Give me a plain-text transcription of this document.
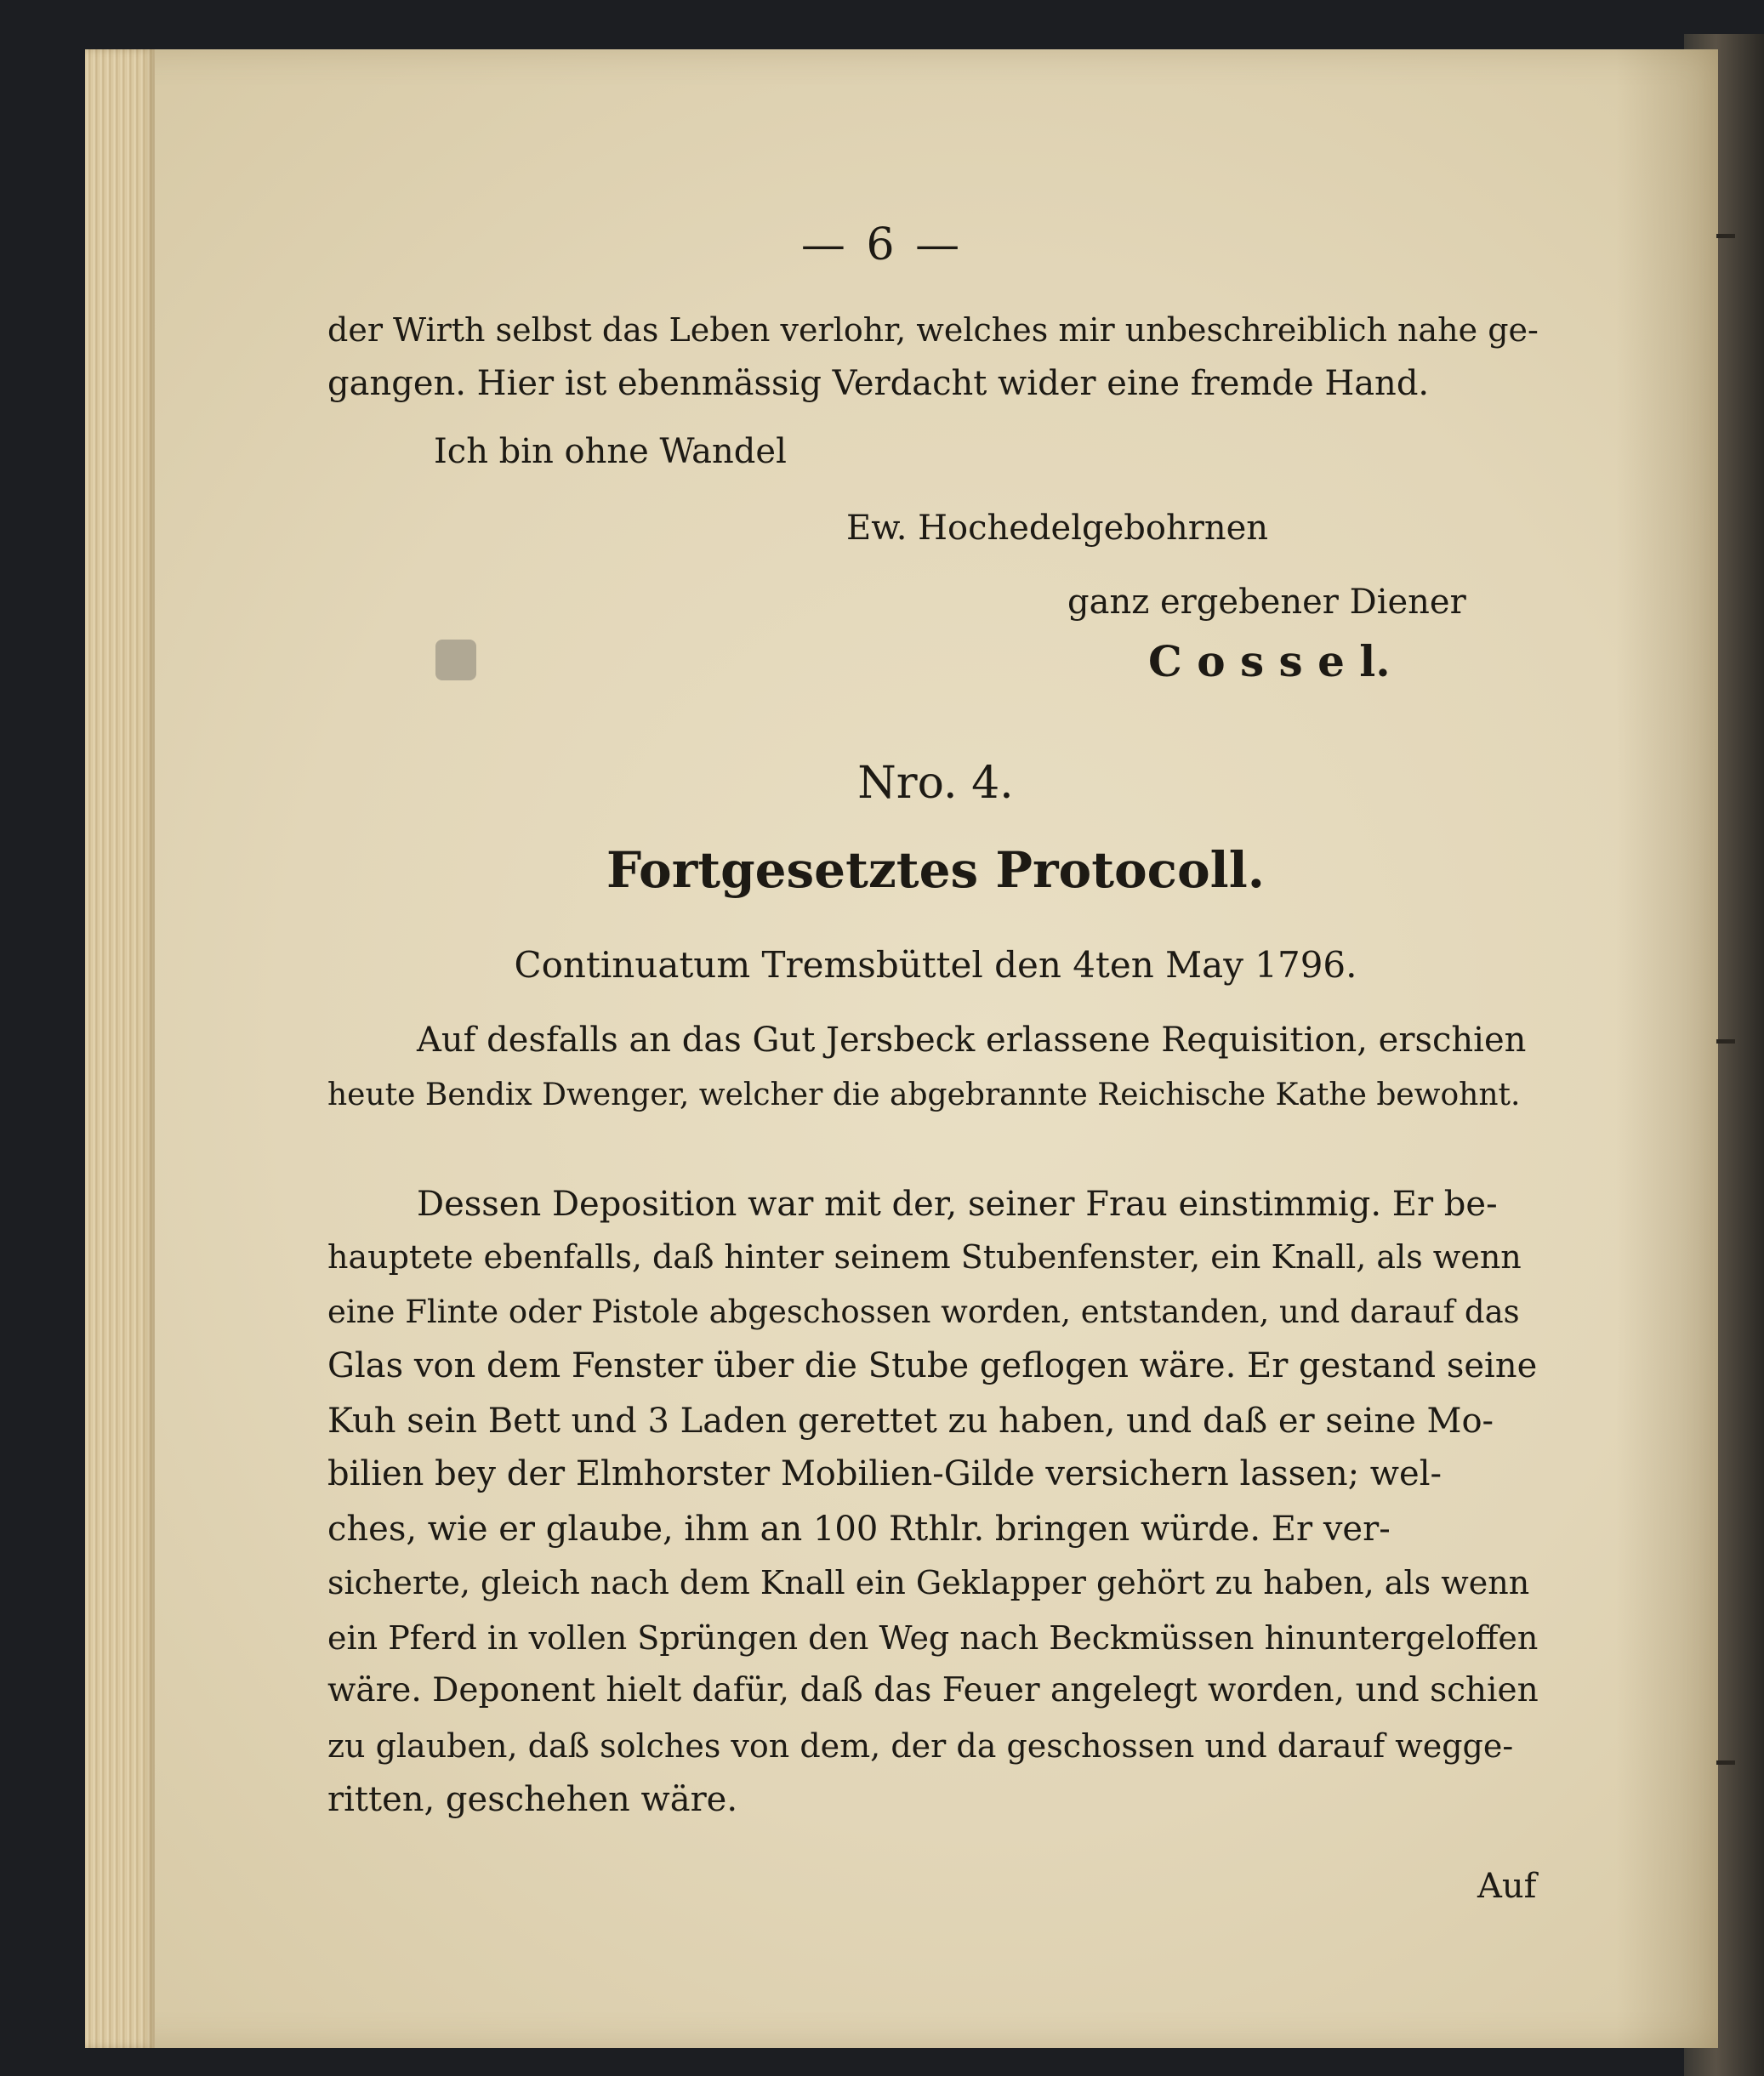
— 6 —
der Wirth selbst das Leben verlohr, welches mir unbeschreiblich nahe ge-
gangen. Hier ist ebenmässig Verdacht wider eine fremde Hand.
Ich bin ohne Wandel
Ew. Hochedelgebohrnen
ganz ergebener Diener
C o s s e l.
Nro. 4.
Fortgesetztes Protocoll.
Continuatum Tremsbüttel den 4ten May 1796.
Auf desfalls an das Gut Jersbeck erlassene Requisition, erschien
heute Bendix Dwenger, welcher die abgebrannte Reichische Kathe bewohnt.
Dessen Deposition war mit der, seiner Frau einstimmig. Er be-
hauptete ebenfalls, daß hinter seinem Stubenfenster, ein Knall, als wenn
eine Flinte oder Pistole abgeschossen worden, entstanden, und darauf das
Glas von dem Fenster über die Stube geflogen wäre. Er gestand seine
Kuh sein Bett und 3 Laden gerettet zu haben, und daß er seine Mo-
bilien bey der Elmhorster Mobilien-Gilde versichern lassen; wel-
ches, wie er glaube, ihm an 100 Rthlr. bringen würde. Er ver-
sicherte, gleich nach dem Knall ein Geklapper gehört zu haben, als wenn
ein Pferd in vollen Sprüngen den Weg nach Beckmüssen hinuntergeloffen
wäre. Deponent hielt dafür, daß das Feuer angelegt worden, und schien
zu glauben, daß solches von dem, der da geschossen und darauf wegge-
ritten, geschehen wäre.
Auf
